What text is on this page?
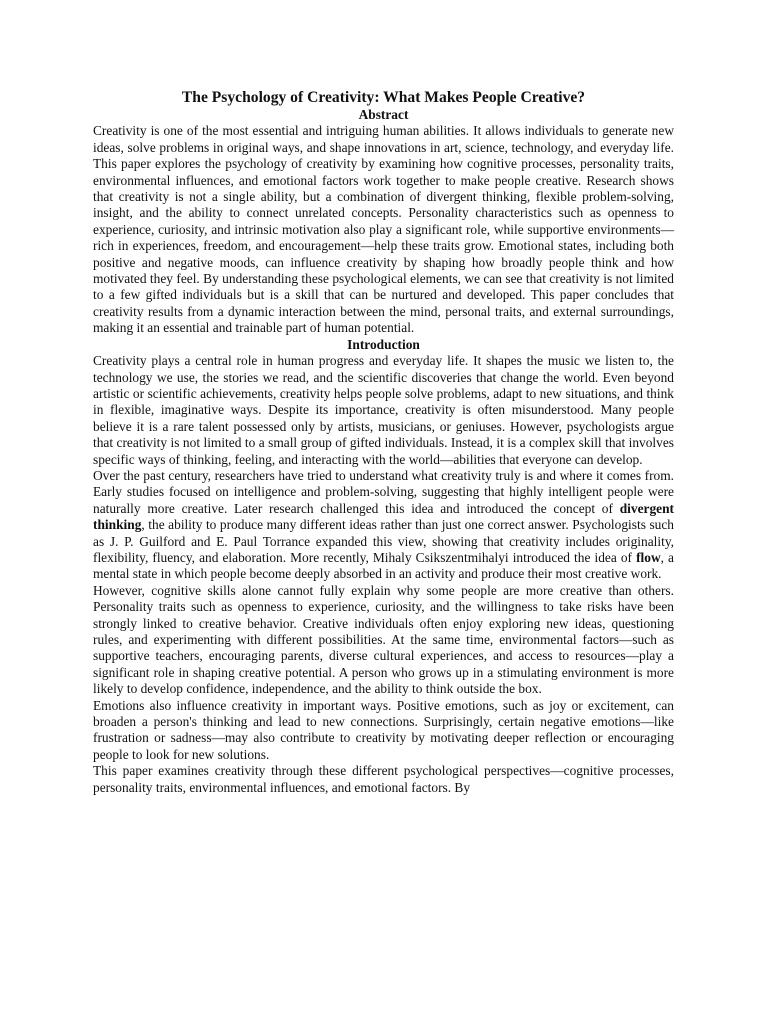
The Psychology of Creativity: What Makes People Creative?
Abstract

Creativity is one of the most essential and intriguing human abilities. It allows individuals to generate new ideas, solve problems in original ways, and shape innovations in art, science, technology, and everyday life. This paper explores the psychology of creativity by examining how cognitive processes, personality traits, environmental influences, and emotional factors work together to make people creative. Research shows that creativity is not a single ability, but a combination of divergent thinking, flexible problem-solving, insight, and the ability to connect unrelated concepts. Personality characteristics such as openness to experience, curiosity, and intrinsic motivation also play a significant role, while supportive environments—rich in experiences, freedom, and encouragement—help these traits grow. Emotional states, including both positive and negative moods, can influence creativity by shaping how broadly people think and how motivated they feel. By understanding these psychological elements, we can see that creativity is not limited to a few gifted individuals but is a skill that can be nurtured and developed. This paper concludes that creativity results from a dynamic interaction between the mind, personal traits, and external surroundings, making it an essential and trainable part of human potential.

Introduction

Creativity plays a central role in human progress and everyday life. It shapes the music we listen to, the technology we use, the stories we read, and the scientific discoveries that change the world. Even beyond artistic or scientific achievements, creativity helps people solve problems, adapt to new situations, and think in flexible, imaginative ways. Despite its importance, creativity is often misunderstood. Many people believe it is a rare talent possessed only by artists, musicians, or geniuses. However, psychologists argue that creativity is not limited to a small group of gifted individuals. Instead, it is a complex skill that involves specific ways of thinking, feeling, and interacting with the world—abilities that everyone can develop.

Over the past century, researchers have tried to understand what creativity truly is and where it comes from. Early studies focused on intelligence and problem-solving, suggesting that highly intelligent people were naturally more creative. Later research challenged this idea and introduced the concept of divergent thinking, the ability to produce many different ideas rather than just one correct answer. Psychologists such as J. P. Guilford and E. Paul Torrance expanded this view, showing that creativity includes originality, flexibility, fluency, and elaboration. More recently, Mihaly Csikszentmihalyi introduced the idea of flow, a mental state in which people become deeply absorbed in an activity and produce their most creative work.

However, cognitive skills alone cannot fully explain why some people are more creative than others. Personality traits such as openness to experience, curiosity, and the willingness to take risks have been strongly linked to creative behavior. Creative individuals often enjoy exploring new ideas, questioning rules, and experimenting with different possibilities. At the same time, environmental factors—such as supportive teachers, encouraging parents, diverse cultural experiences, and access to resources—play a significant role in shaping creative potential. A person who grows up in a stimulating environment is more likely to develop confidence, independence, and the ability to think outside the box.

Emotions also influence creativity in important ways. Positive emotions, such as joy or excitement, can broaden a person's thinking and lead to new connections. Surprisingly, certain negative emotions—like frustration or sadness—may also contribute to creativity by motivating deeper reflection or encouraging people to look for new solutions.

This paper examines creativity through these different psychological perspectives—cognitive processes, personality traits, environmental influences, and emotional factors. By
